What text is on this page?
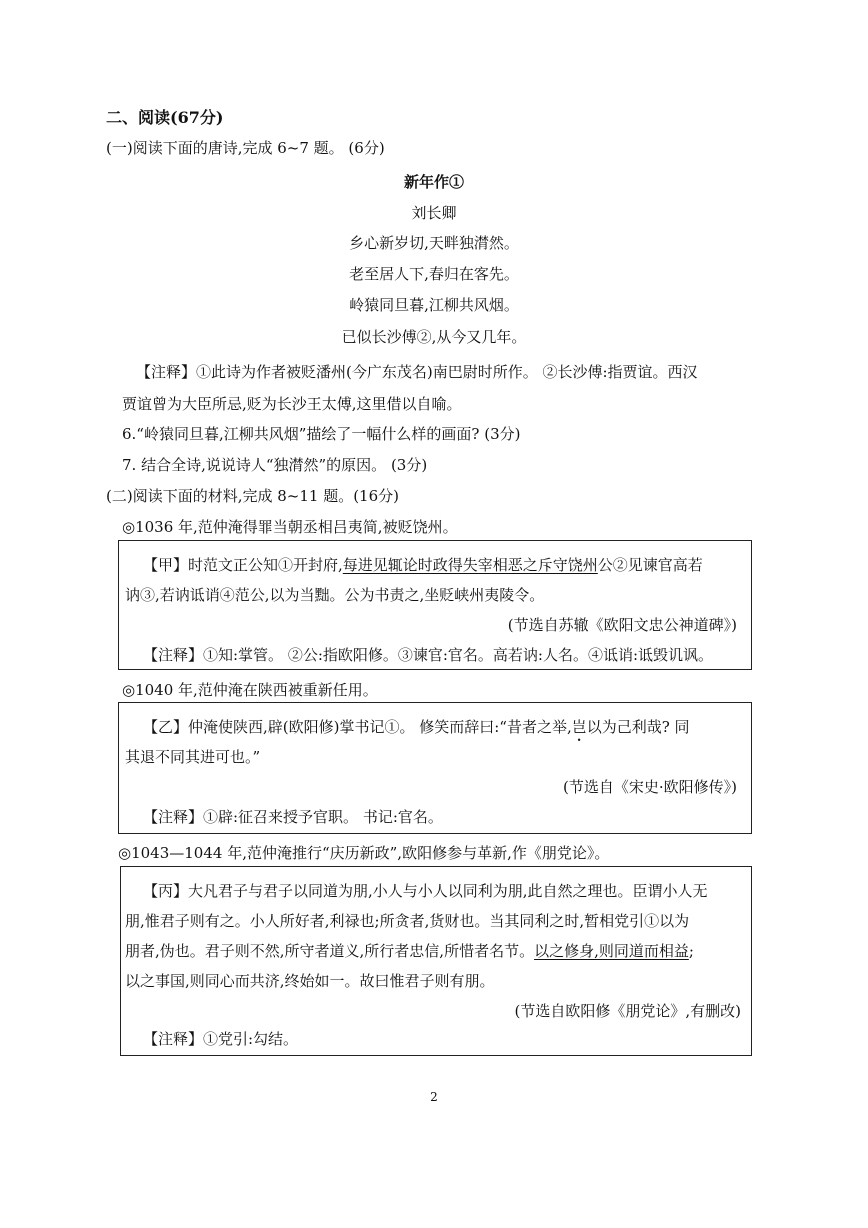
二、阅读(67分)
(一)阅读下面的唐诗,完成 6~7 题。 (6分)
新年作①
刘长卿
乡心新岁切,天畔独潸然。
老至居人下,春归在客先。
岭猿同旦暮,江柳共风烟。
已似长沙傅②,从今又几年。
【注释】①此诗为作者被贬潘州(今广东茂名)南巴尉时所作。 ②长沙傅:指贾谊。西汉
贾谊曾为大臣所忌,贬为长沙王太傅,这里借以自喻。
6.“岭猿同旦暮,江柳共风烟”描绘了一幅什么样的画面? (3分)
7. 结合全诗,说说诗人“独潸然”的原因。 (3分)
(二)阅读下面的材料,完成 8~11 题。(16分)
◎1036 年,范仲淹得罪当朝丞相吕夷简,被贬饶州。
【甲】时范文正公知①开封府,每进见辄论时政得失宰相恶之斥守饶州公②见谏官高若
讷③,若讷诋诮④范公,以为当黜。公为书责之,坐贬峡州夷陵令。
(节选自苏辙《欧阳文忠公神道碑》)
【注释】①知:掌管。 ②公:指欧阳修。③谏官:官名。高若讷:人名。④诋诮:诋毁讥讽。
◎1040 年,范仲淹在陕西被重新任用。
【乙】仲淹使陕西,辟(欧阳修)掌书记①。 修笑而辞曰:“昔者之举,岂以为己利哉? 同
其退不同其进可也。”
(节选自《宋史·欧阳修传》)
【注释】①辟:征召来授予官职。 书记:官名。
◎1043—1044 年,范仲淹推行“庆历新政”,欧阳修参与革新,作《朋党论》。
【丙】大凡君子与君子以同道为朋,小人与小人以同利为朋,此自然之理也。臣谓小人无
朋,惟君子则有之。小人所好者,利禄也;所贪者,货财也。当其同利之时,暂相党引①以为
朋者,伪也。君子则不然,所守者道义,所行者忠信,所惜者名节。以之修身,则同道而相益;
以之事国,则同心而共济,终始如一。故曰惟君子则有朋。
(节选自欧阳修《朋党论》,有删改)
【注释】①党引:勾结。
2
